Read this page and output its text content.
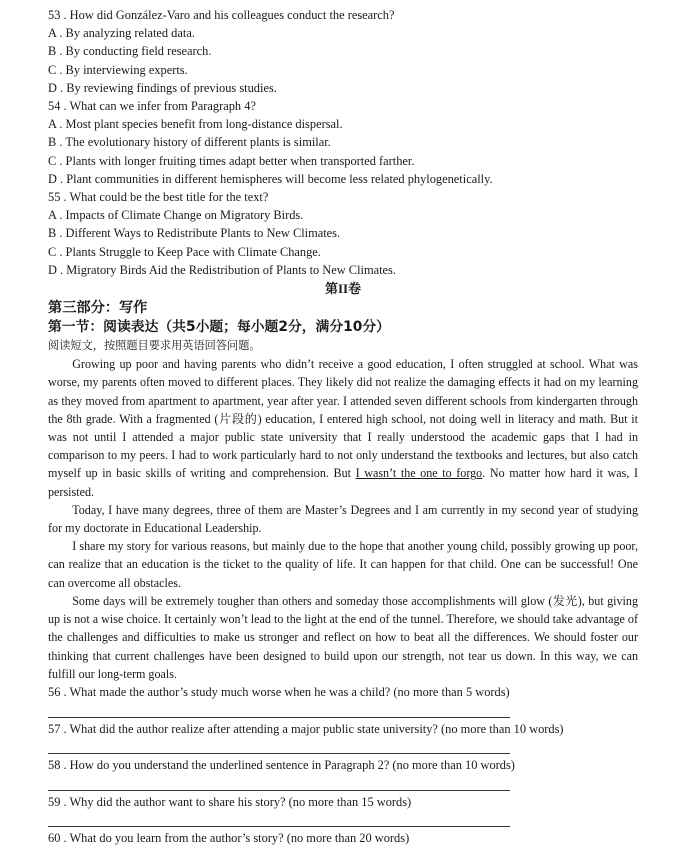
53 . How did González-Varo and his colleagues conduct the research?
A . By analyzing related data.
B . By conducting field research.
C . By interviewing experts.
D . By reviewing findings of previous studies.
54 . What can we infer from Paragraph 4?
A . Most plant species benefit from long-distance dispersal.
B . The evolutionary history of different plants is similar.
C . Plants with longer fruiting times adapt better when transported farther.
D . Plant communities in different hemispheres will become less related phylogenetically.
55 . What could be the best title for the text?
A . Impacts of Climate Change on Migratory Birds.
B . Different Ways to Redistribute Plants to New Climates.
C . Plants Struggle to Keep Pace with Climate Change.
D . Migratory Birds Aid the Redistribution of Plants to New Climates.
第II卷
第三部分：写作
第一节：阅读表达（共5小题；每小题2分，满分10分）
阅读短文，按照题目要求用英语回答问题。

Growing up poor and having parents who didn’t receive a good education, I often struggled at school. What was worse, my parents often moved to different places. They likely did not realize the damaging effects it had on my learning as they moved from apartment to apartment, year after year. I attended seven different schools from kindergarten through the 8th grade. With a fragmented (片段的) education, I entered high school, not doing well in literacy and math. But it was not until I attended a major public state university that I really understood the academic gaps that I had in comparison to my peers. I had to work particularly hard to not only understand the textbooks and lectures, but also catch myself up in basic skills of writing and comprehension. But I wasn’t the one to forgo. No matter how hard it was, I persisted.

Today, I have many degrees, three of them are Master’s Degrees and I am currently in my second year of studying for my doctorate in Educational Leadership.

I share my story for various reasons, but mainly due to the hope that another young child, possibly growing up poor, can realize that an education is the ticket to the quality of life. It can happen for that child. One can be successful! One can overcome all obstacles.

Some days will be extremely tougher than others and someday those accomplishments will glow (发光), but giving up is not a wise choice. It certainly won’t lead to the light at the end of the tunnel. Therefore, we should take advantage of the challenges and difficulties to make us stronger and reflect on how to beat all the differences. We should foster our thinking that current challenges have been designed to build upon our strength, not tear us down. In this way, we can fulfill our long-term goals.

56 . What made the author’s study much worse when he was a child? (no more than 5 words)
57 . What did the author realize after attending a major public state university? (no more than 10 words)
58 . How do you understand the underlined sentence in Paragraph 2? (no more than 10 words)
59 . Why did the author want to share his story? (no more than 15 words)
60 . What do you learn from the author’s story? (no more than 20 words)
